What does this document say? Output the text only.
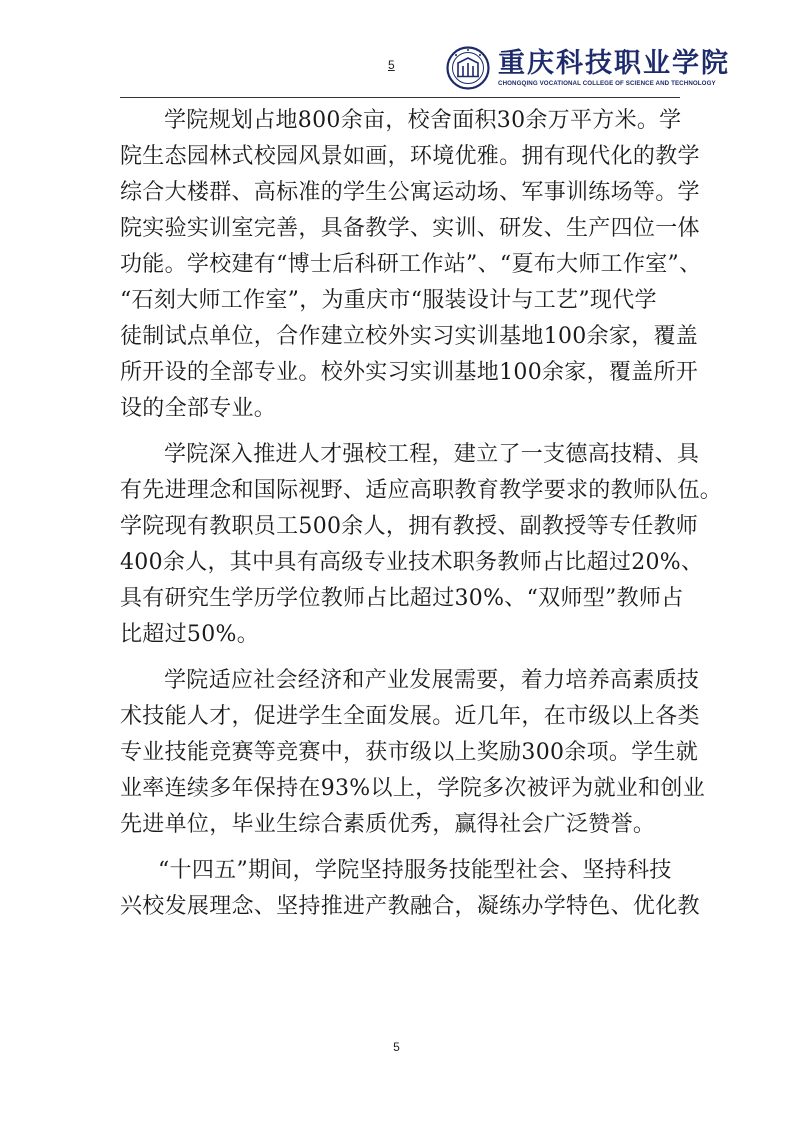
5	重庆科技职业学院
CHONGQING VOCATIONAL COLLEGE OF SCIENCE AND TECHNOLOGY

学院规划占地800余亩，校舍面积30余万平方米。学
院生态园林式校园风景如画，环境优雅。拥有现代化的教学
综合大楼群、高标准的学生公寓运动场、军事训练场等。学
院实验实训室完善，具备教学、实训、研发、生产四位一体
功能。学校建有“博士后科研工作站”、“夏布大师工作室”、
“石刻大师工作室”，为重庆市“服装设计与工艺”现代学
徒制试点单位，合作建立校外实习实训基地100余家，覆盖
所开设的全部专业。校外实习实训基地100余家，覆盖所开
设的全部专业。

学院深入推进人才强校工程，建立了一支德高技精、具
有先进理念和国际视野、适应高职教育教学要求的教师队伍。
学院现有教职员工500余人，拥有教授、副教授等专任教师
400余人，其中具有高级专业技术职务教师占比超过20%、
具有研究生学历学位教师占比超过30%、“双师型”教师占
比超过50%。

学院适应社会经济和产业发展需要，着力培养高素质技
术技能人才，促进学生全面发展。近几年，在市级以上各类
专业技能竞赛等竞赛中，获市级以上奖励300余项。学生就
业率连续多年保持在93%以上，学院多次被评为就业和创业
先进单位，毕业生综合素质优秀，赢得社会广泛赞誉。

“十四五”期间，学院坚持服务技能型社会、坚持科技
兴校发展理念、坚持推进产教融合，凝练办学特色、优化教

5
